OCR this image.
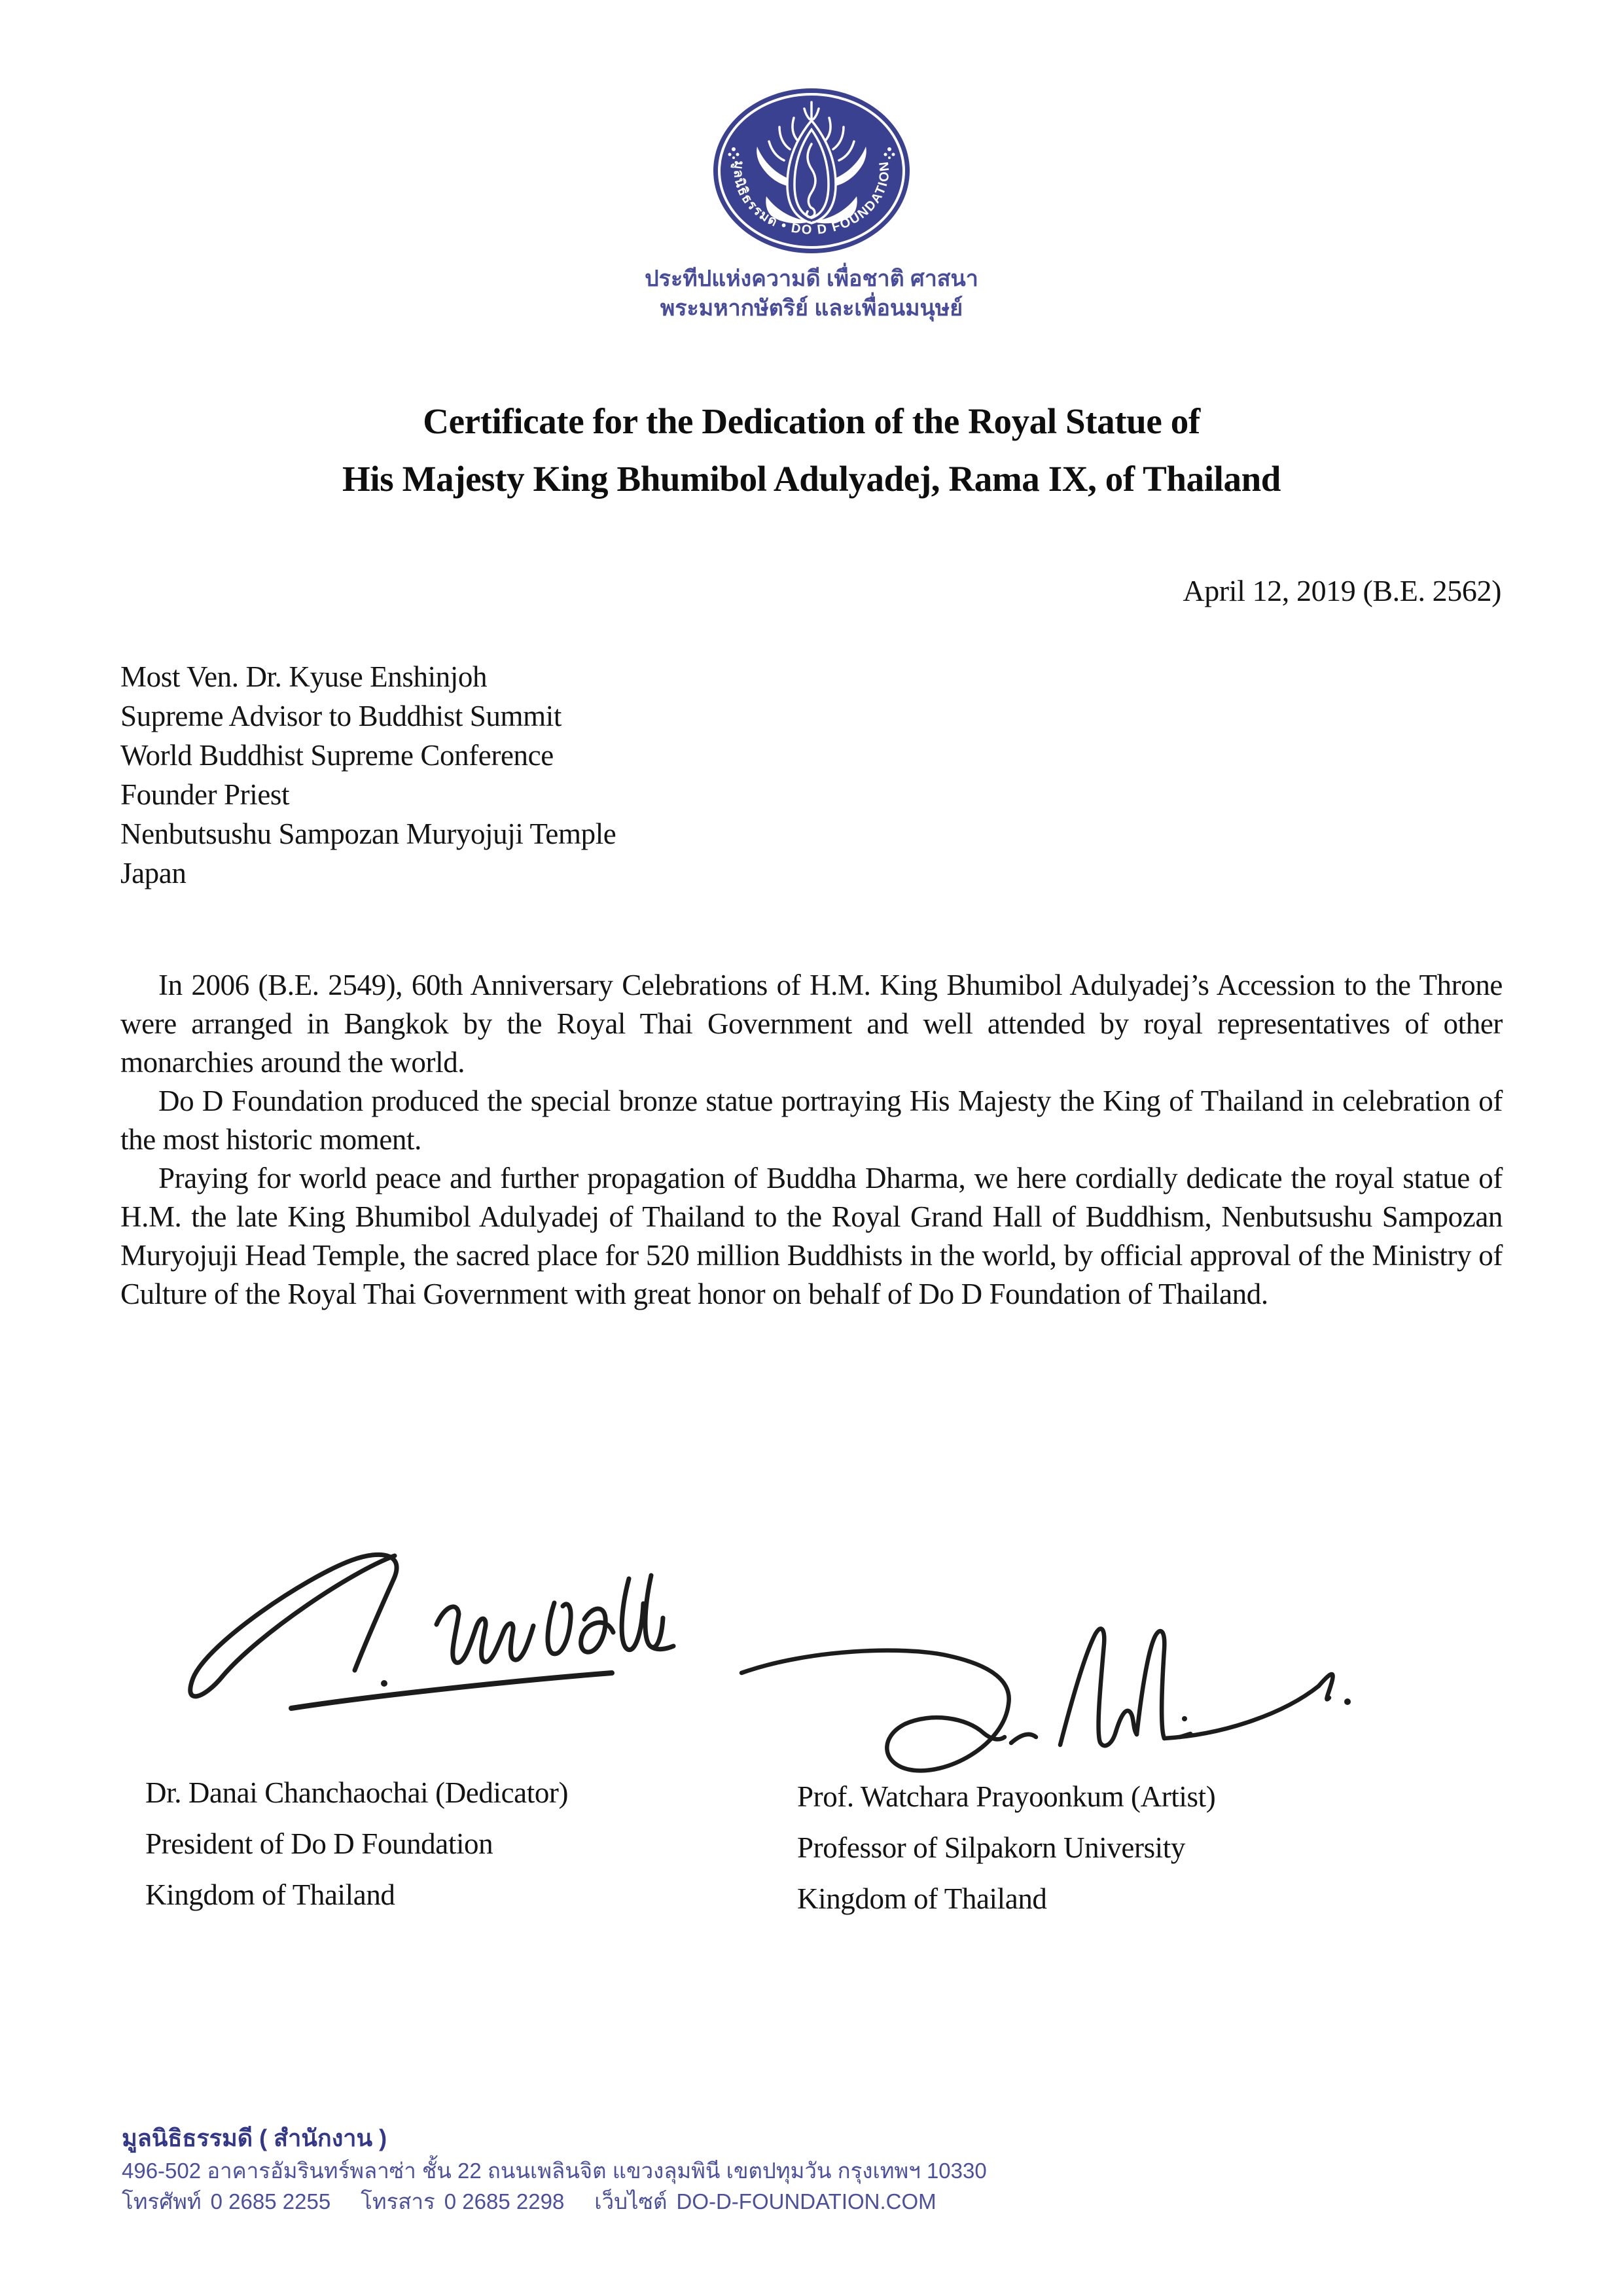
มูลนิธิธรรมดี • DO D FOUNDATION
ประทีปแห่งความดี เพื่อชาติ ศาสนา
พระมหากษัตริย์ และเพื่อนมนุษย์
Certificate for the Dedication of the Royal Statue of
His Majesty King Bhumibol Adulyadej, Rama IX, of Thailand
April 12, 2019 (B.E. 2562)
Most Ven. Dr. Kyuse Enshinjoh
Supreme Advisor to Buddhist Summit
World Buddhist Supreme Conference
Founder Priest
Nenbutsushu Sampozan Muryojuji Temple
Japan

In 2006 (B.E. 2549), 60th Anniversary Celebrations of H.M. King Bhumibol Adulyadej’s Accession to the Throne were arranged in Bangkok by the Royal Thai Government and well attended by royal representatives of other monarchies around the world.

Do D Foundation produced the special bronze statue portraying His Majesty the King of Thailand in celebration of the most historic moment.

Praying for world peace and further propagation of Buddha Dharma, we here cordially dedicate the royal statue of H.M. the late King Bhumibol Adulyadej of Thailand to the Royal Grand Hall of Buddhism, Nenbutsushu Sampozan Muryojuji Head Temple, the sacred place for 520 million Buddhists in the world, by official approval of the Ministry of Culture of the Royal Thai Government with great honor on behalf of Do D Foundation of Thailand.

Dr. Danai Chanchaochai (Dedicator)
President of Do D Foundation
Kingdom of Thailand
Prof. Watchara Prayoonkum (Artist)
Professor of Silpakorn University
Kingdom of Thailand
มูลนิธิธรรมดี ( สำนักงาน )
496-502 อาคารอัมรินทร์พลาซ่า ชั้น 22 ถนนเพลินจิต แขวงลุมพินี เขตปทุมวัน กรุงเทพฯ 10330
โทรศัพท์ 0 2685 2255 โทรสาร 0 2685 2298 เว็บไซต์ DO-D-FOUNDATION.COM
